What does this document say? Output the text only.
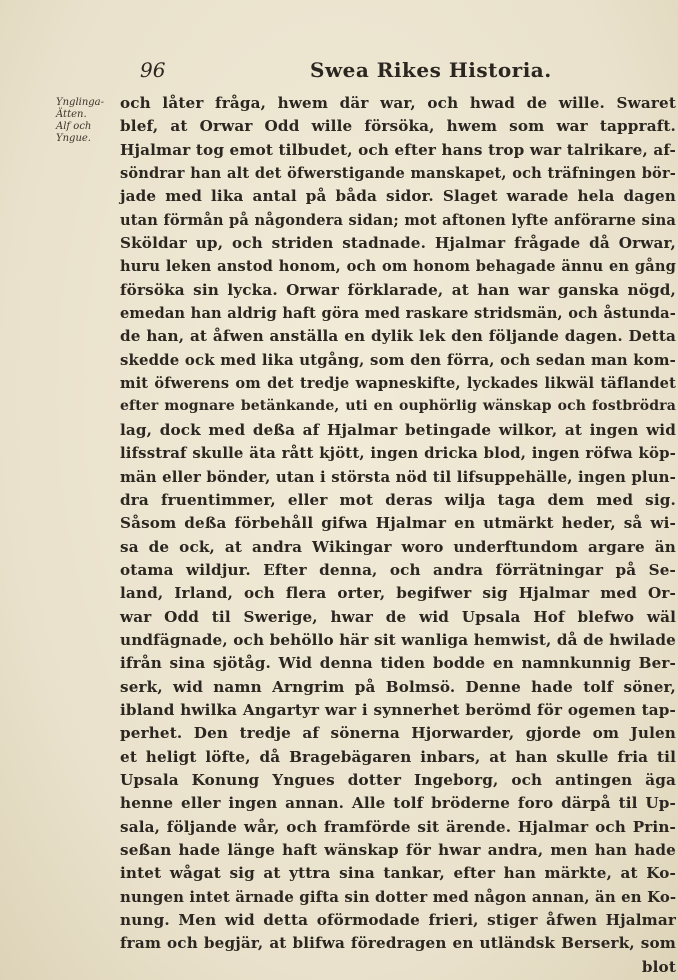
96	Swea Rikes Historia.
Ynglinga-
Ätten.
Alf och
Yngue.
och låter fråga, hwem där war, och hwad de wille. Swaret
blef, at Orwar Odd wille försöka, hwem som war tappraft.
Hjalmar tog emot tilbudet, och efter hans trop war talrikare, af-
söndrar han alt det öfwerstigande manskapet, och träfningen bör-
jade med lika antal på båda sidor. Slaget warade hela dagen
utan förmån på någondera sidan; mot aftonen lyfte anförarne sina
Sköldar up, och striden stadnade. Hjalmar frågade då Orwar,
huru leken anstod honom, och om honom behagade ännu en gång
försöka sin lycka. Orwar förklarade, at han war ganska nögd,
emedan han aldrig haft göra med raskare stridsmän, och åstunda-
de han, at åfwen anställa en dylik lek den följande dagen. Detta
skedde ock med lika utgång, som den förra, och sedan man kom-
mit öfwerens om det tredje wapneskifte, lyckades likwäl täflandet
efter mognare betänkande, uti en ouphörlig wänskap och fostbrödra
lag, dock med deßa af Hjalmar betingade wilkor, at ingen wid
lifsstraf skulle äta rått kjött, ingen dricka blod, ingen röfwa köp-
män eller bönder, utan i största nöd til lifsuppehälle, ingen plun-
dra fruentimmer, eller mot deras wilja taga dem med sig.
Såsom deßa förbehåll gifwa Hjalmar en utmärkt heder, så wi-
sa de ock, at andra Wikingar woro underftundom argare än
otama wildjur. Efter denna, och andra förrätningar på Se-
land, Irland, och flera orter, begifwer sig Hjalmar med Or-
war Odd til Swerige, hwar de wid Upsala Hof blefwo wäl
undfägnade, och behöllo här sit wanliga hemwist, då de hwilade
ifrån sina sjötåg. Wid denna tiden bodde en namnkunnig Ber-
serk, wid namn Arngrim på Bolmsö. Denne hade tolf söner,
ibland hwilka Angartyr war i synnerhet berömd för ogemen tap-
perhet. Den tredje af sönerna Hjorwarder, gjorde om Julen
et heligt löfte, då Bragebägaren inbars, at han skulle fria til
Upsala Konung Yngues dotter Ingeborg, och antingen äga
henne eller ingen annan. Alle tolf bröderne foro därpå til Up-
sala, följande wår, och framförde sit ärende. Hjalmar och Prin-
seßan hade länge haft wänskap för hwar andra, men han hade
intet wågat sig at yttra sina tankar, efter han märkte, at Ko-
nungen intet ärnade gifta sin dotter med någon annan, än en Ko-
nung. Men wid detta oförmodade frieri, stiger åfwen Hjalmar
fram och begjär, at blifwa föredragen en utländsk Berserk, som
blot
